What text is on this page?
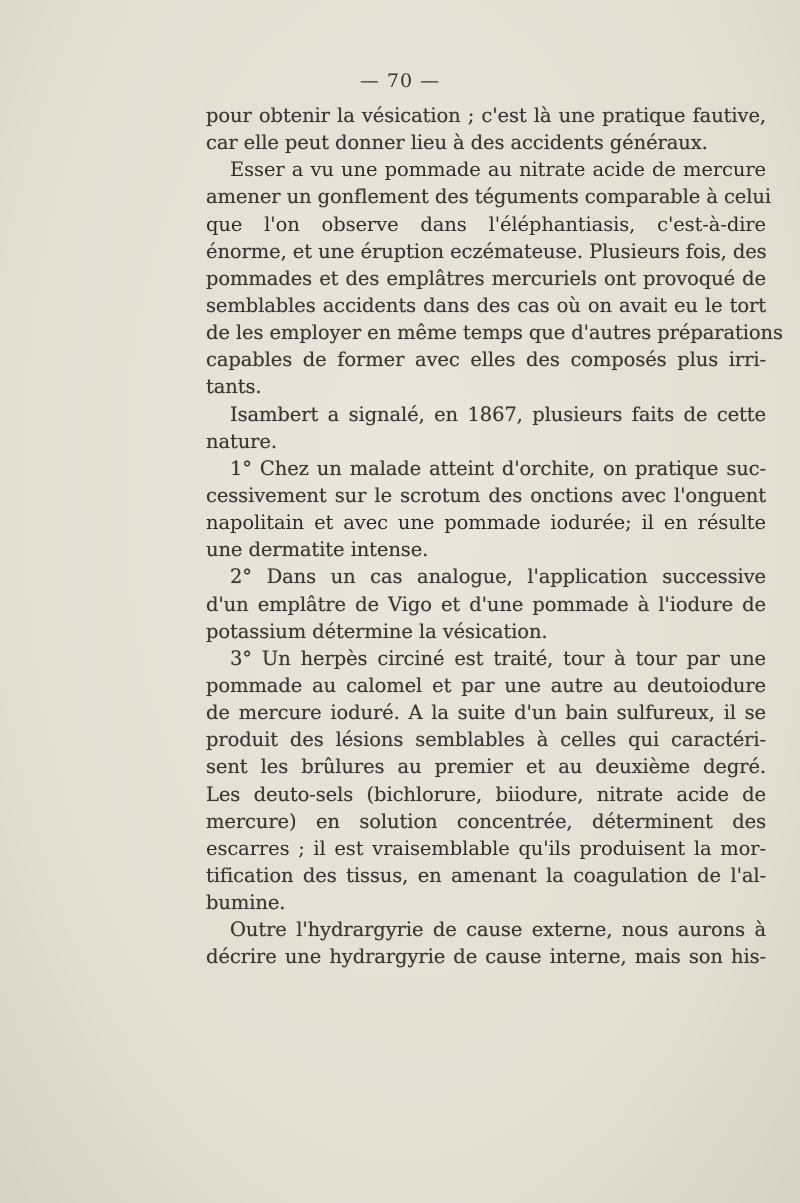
— 70 —
pour obtenir la vésication ; c'est là une pratique fautive,
car elle peut donner lieu à des accidents généraux.
Esser a vu une pommade au nitrate acide de mercure
amener un gonflement des téguments comparable à celui
que l'on observe dans l'éléphantiasis, c'est-à-dire
énorme, et une éruption eczémateuse. Plusieurs fois, des
pommades et des emplâtres mercuriels ont provoqué de
semblables accidents dans des cas où on avait eu le tort
de les employer en même temps que d'autres préparations
capables de former avec elles des composés plus irri-
tants.
Isambert a signalé, en 1867, plusieurs faits de cette
nature.
1° Chez un malade atteint d'orchite, on pratique suc-
cessivement sur le scrotum des onctions avec l'onguent
napolitain et avec une pommade iodurée; il en résulte
une dermatite intense.
2° Dans un cas analogue, l'application successive
d'un emplâtre de Vigo et d'une pommade à l'iodure de
potassium détermine la vésication.
3° Un herpès circiné est traité, tour à tour par une
pommade au calomel et par une autre au deutoiodure
de mercure ioduré. A la suite d'un bain sulfureux, il se
produit des lésions semblables à celles qui caractéri-
sent les brûlures au premier et au deuxième degré.
Les deuto-sels (bichlorure, biiodure, nitrate acide de
mercure) en solution concentrée, déterminent des
escarres ; il est vraisemblable qu'ils produisent la mor-
tification des tissus, en amenant la coagulation de l'al-
bumine.
Outre l'hydrargyrie de cause externe, nous aurons à
décrire une hydrargyrie de cause interne, mais son his-
